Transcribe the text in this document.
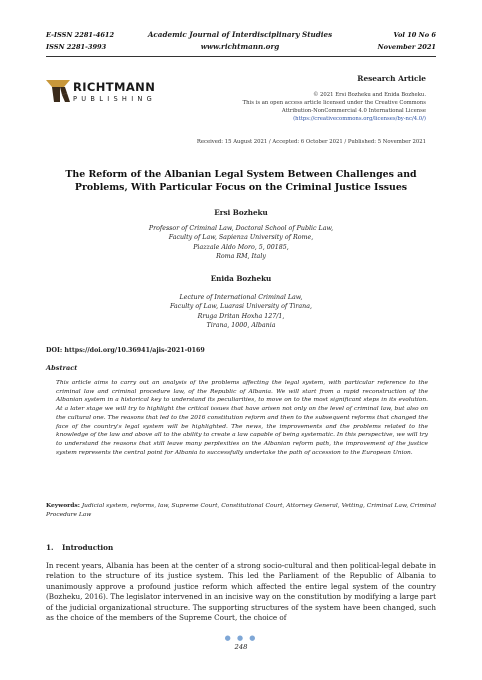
E-ISSN 2281-4612
ISSN 2281-3993
Academic Journal of Interdisciplinary Studies
www.richtmann.org
Vol 10 No 6
November 2021
RICHTMANN
PUBLISHING
Research Article
© 2021 Ersi Bozheku and Enida Bozheku.
This is an open access article licensed under the Creative Commons
Attribution-NonCommercial 4.0 International License
(https://creativecommons.org/licenses/by-nc/4.0/)
Received: 15 August 2021 / Accepted: 6 October 2021 / Published: 5 November 2021
The Reform of the Albanian Legal System Between Challenges and
Problems, With Particular Focus on the Criminal Justice Issues
Ersi Bozheku
Professor of Criminal Law, Doctoral School of Public Law,
Faculty of Law, Sapienza University of Rome,
Piazzale Aldo Moro, 5, 00185,
Roma RM, Italy
Enida Bozheku
Lecture of International Criminal Law,
Faculty of Law, Luarasi University of Tirana,
Rruga Dritan Hoxha 127/1,
Tirana, 1000, Albania
DOI: https://doi.org/10.36941/ajis-2021-0169
Abstract
This article aims to carry out an analysis of the problems affecting the legal system, with particular reference to the criminal law and criminal procedure law, of the Republic of Albania. We will start from a rapid reconstruction of the Albanian system in a historical key to understand its peculiarities, to move on to the most significant steps in its evolution. At a later stage we will try to highlight the critical issues that have arisen not only on the level of criminal law, but also on the cultural one. The reasons that led to the 2016 constitution reform and then to the subsequent reforms that changed the face of the country's legal system will be highlighted. The news, the improvements and the problems related to the knowledge of the law and above all to the ability to create a law capable of being systematic. In this perspective, we will try to understand the reasons that still leave many perplexities on the Albanian reform path, the improvement of the justice system represents the central point for Albania to successfully undertake the path of accession to the European Union.
Keywords: Judicial system, reforms, law, Supreme Court, Constitutional Court, Attorney General, Vetting, Criminal Law, Criminal Procedure Law
1. Introduction
In recent years, Albania has been at the center of a strong socio-cultural and then political-legal debate in relation to the structure of its justice system. This led the Parliament of the Republic of Albania to unanimously approve a profound justice reform which affected the entire legal system of the country (Bozheku, 2016). The legislator intervened in an incisive way on the constitution by modifying a large part of the judicial organizational structure. The supporting structures of the system have been changed, such as the choice of the members of the Supreme Court, the choice of
● ● ●
248
